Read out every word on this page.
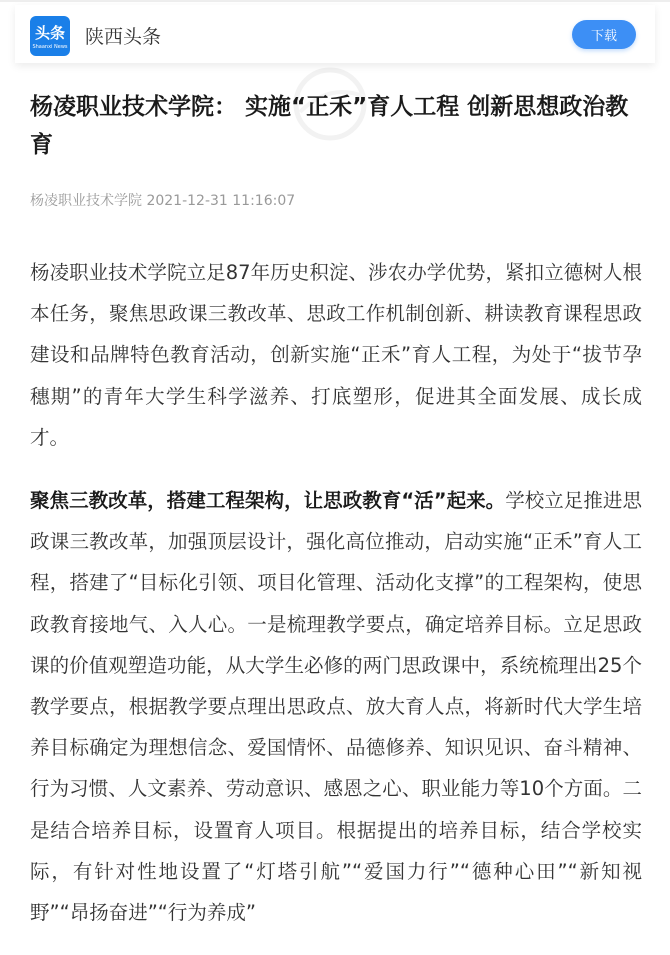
头条
Shaanxi News 陕西头条	下载
杨凌职业技术学院： 实施“正禾”育人工程 创新思想政治教育
杨凌职业技术学院 2021-12-31 11:16:07

杨凌职业技术学院立足87年历史积淀、涉农办学优势，紧扣立德树人根本任务，聚焦思政课三教改革、思政工作机制创新、耕读教育课程思政建设和品牌特色教育活动，创新实施“正禾”育人工程，为处于“拔节孕穗期”的青年大学生科学滋养、打底塑形，促进其全面发展、成长成才。

聚焦三教改革，搭建工程架构，让思政教育“活”起来。学校立足推进思政课三教改革，加强顶层设计，强化高位推动，启动实施“正禾”育人工程，搭建了“目标化引领、项目化管理、活动化支撑”的工程架构，使思政教育接地气、入人心。一是梳理教学要点，确定培养目标。立足思政课的价值观塑造功能，从大学生必修的两门思政课中，系统梳理出25个教学要点，根据教学要点理出思政点、放大育人点，将新时代大学生培养目标确定为理想信念、爱国情怀、品德修养、知识见识、奋斗精神、行为习惯、人文素养、劳动意识、感恩之心、职业能力等10个方面。二是结合培养目标，设置育人项目。根据提出的培养目标，结合学校实际，有针对性地设置了“灯塔引航”“爱国力行”“德种心田”“新知视野”“昂扬奋进”“行为养成”
